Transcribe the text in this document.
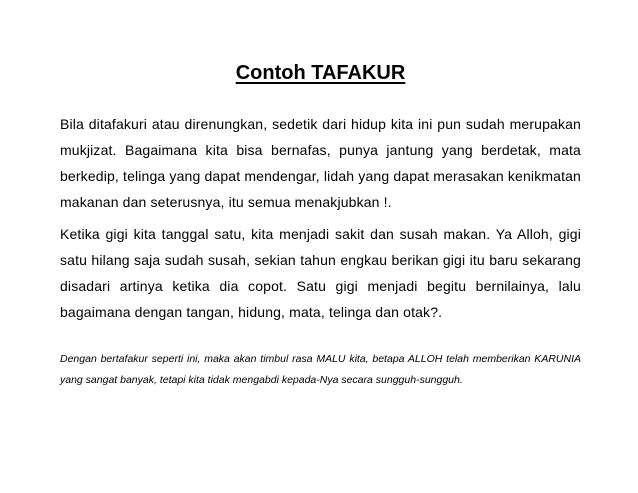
Contoh TAFAKUR

Bila ditafakuri atau direnungkan, sedetik dari hidup kita ini pun sudah merupakan mukjizat. Bagaimana kita bisa bernafas, punya jantung yang berdetak, mata berkedip, telinga yang dapat mendengar, lidah yang dapat merasakan kenikmatan makanan dan seterusnya, itu semua menakjubkan !.

Ketika gigi kita tanggal satu, kita menjadi sakit dan susah makan. Ya Alloh, gigi satu hilang saja sudah susah, sekian tahun engkau berikan gigi itu baru sekarang disadari artinya ketika dia copot. Satu gigi menjadi begitu bernilainya, lalu bagaimana dengan tangan, hidung, mata, telinga dan otak?.

Dengan bertafakur seperti ini, maka akan timbul rasa MALU kita, betapa ALLOH telah memberikan KARUNIA yang sangat banyak, tetapi kita tidak mengabdi kepada-Nya secara sungguh-sungguh.
